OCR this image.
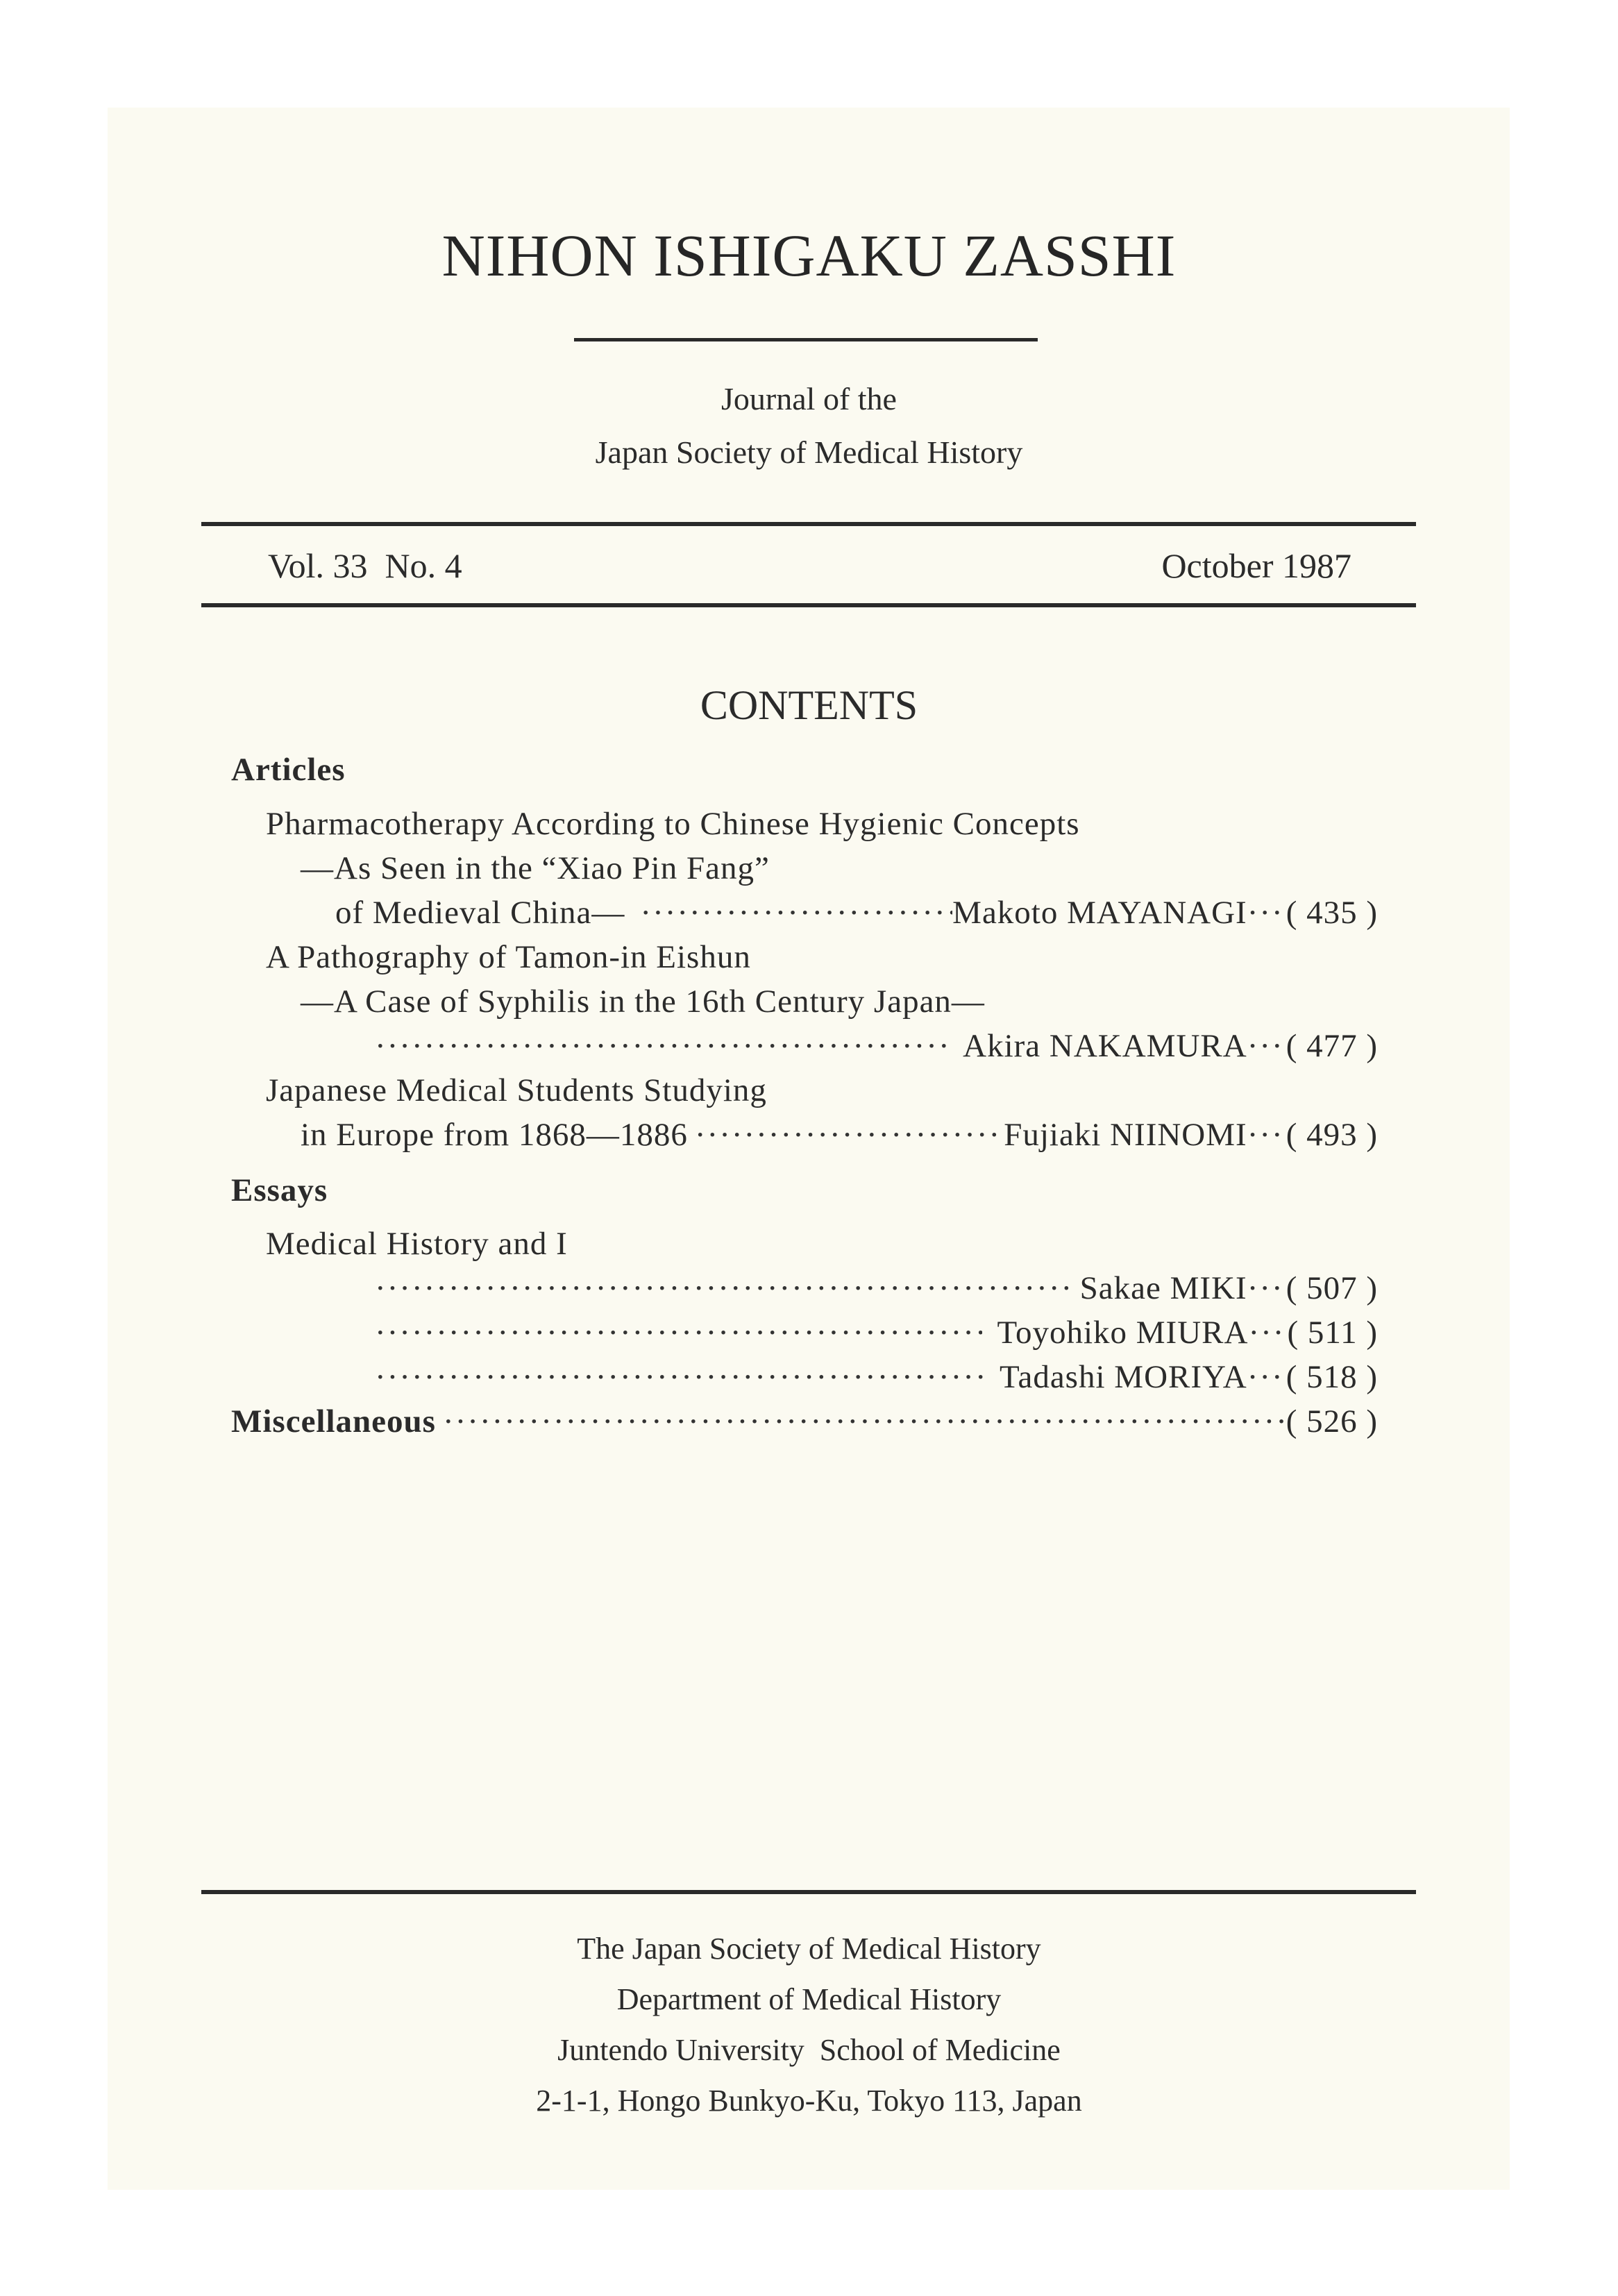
NIHON ISHIGAKU ZASSHI
Journal of the
Japan Society of Medical History
Vol. 33  No. 4	October 1987
CONTENTS
Articles
Pharmacotherapy According to Chinese Hygienic Concepts
—As Seen in the “Xiao Pin Fang”
of Medieval China— ·····	Makoto MAYANAGI ····· ( 435 )
A Pathography of Tamon-in Eishun
—A Case of Syphilis in the 16th Century Japan—
·····
Akira NAKAMURA ····· ( 477 )
Japanese Medical Students Studying
in Europe from 1868—1886 ·····	Fujiaki NIINOMI ····· ( 493 )
Essays
Medical History and I
·····
Sakae MIKI ····· ( 507 )
·····
Toyohiko MIURA ····· ( 511 )
·····
Tadashi MORIYA ····· ( 518 )
Miscellaneous ·····	( 526 )
The Japan Society of Medical History
Department of Medical History
Juntendo University  School of Medicine
2-1-1, Hongo Bunkyo-Ku, Tokyo 113, Japan
